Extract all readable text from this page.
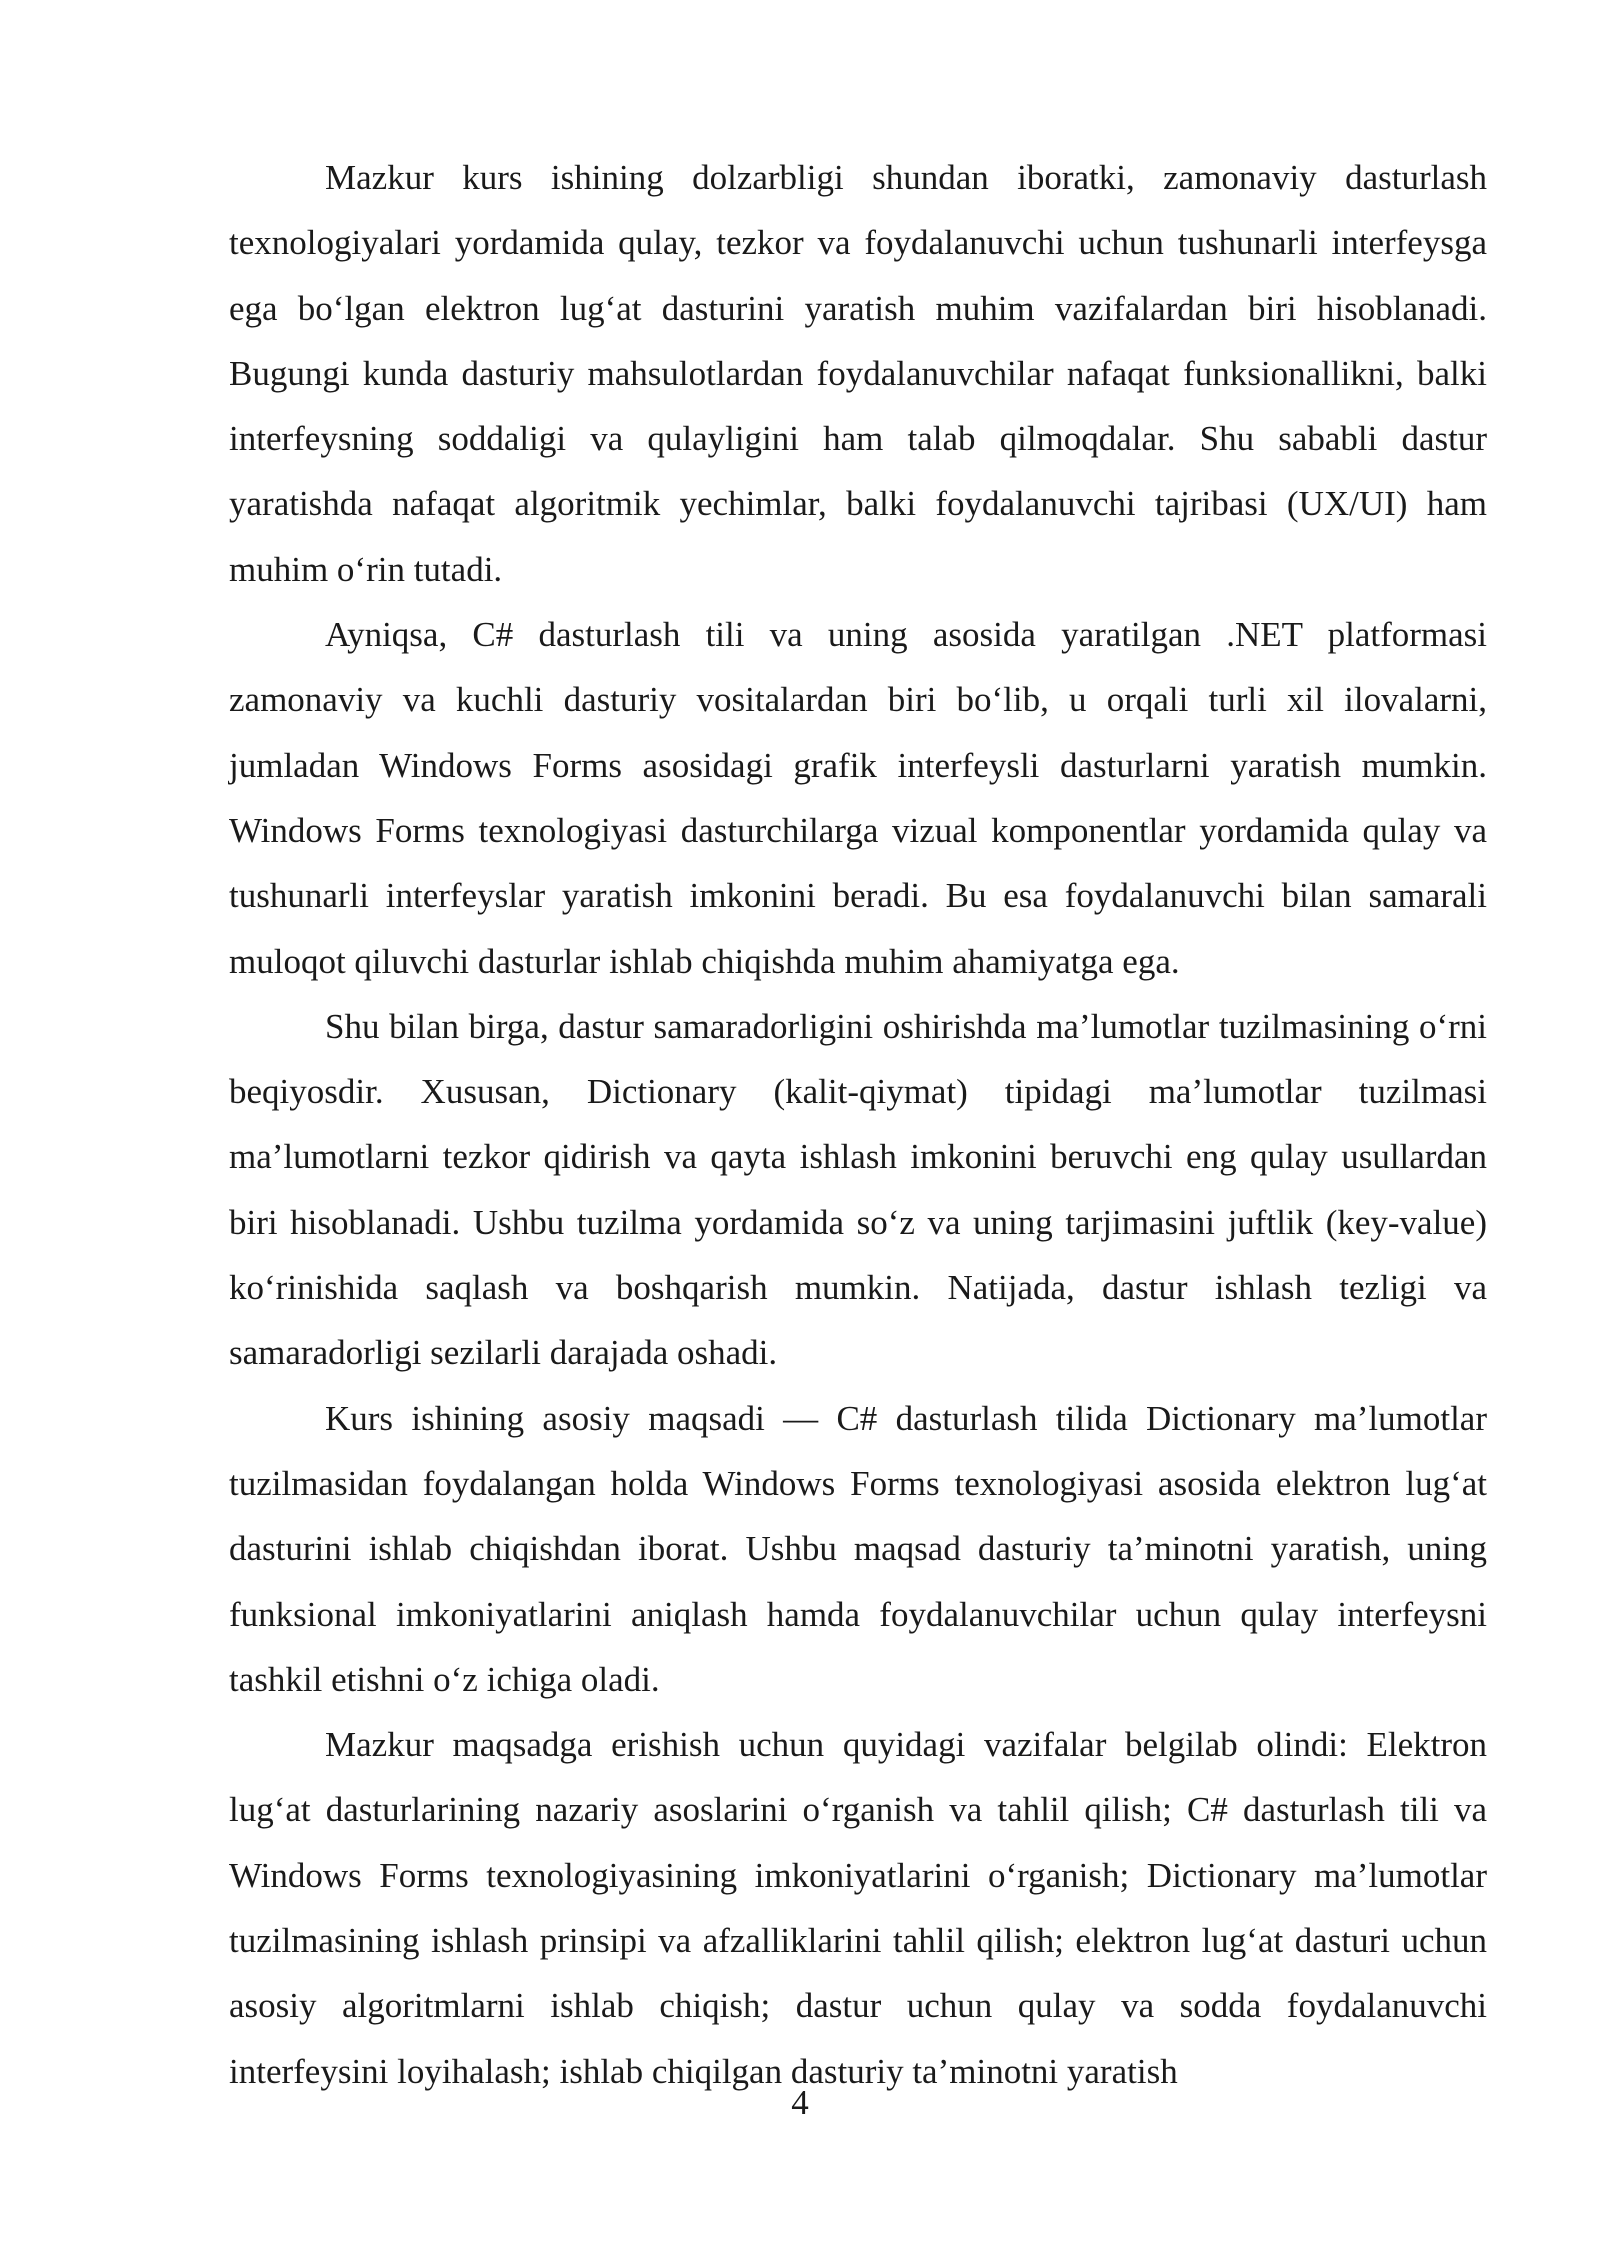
Mazkur kurs ishining dolzarbligi shundan iboratki, zamonaviy dasturlash texnologiyalari yordamida qulay, tezkor va foydalanuvchi uchun tushunarli interfeysga ega bo‘lgan elektron lug‘at dasturini yaratish muhim vazifalardan biri hisoblanadi. Bugungi kunda dasturiy mahsulotlardan foydalanuvchilar nafaqat funksionallikni, balki interfeysning soddaligi va qulayligini ham talab qilmoqdalar. Shu sababli dastur yaratishda nafaqat algoritmik yechimlar, balki foydalanuvchi tajribasi (UX/UI) ham muhim o‘rin tutadi.

Ayniqsa, C# dasturlash tili va uning asosida yaratilgan .NET platformasi zamonaviy va kuchli dasturiy vositalardan biri bo‘lib, u orqali turli xil ilovalarni, jumladan Windows Forms asosidagi grafik interfeysli dasturlarni yaratish mumkin. Windows Forms texnologiyasi dasturchilarga vizual komponentlar yordamida qulay va tushunarli interfeyslar yaratish imkonini beradi. Bu esa foydalanuvchi bilan samarali muloqot qiluvchi dasturlar ishlab chiqishda muhim ahamiyatga ega.

Shu bilan birga, dastur samaradorligini oshirishda ma’lumotlar tuzilmasining o‘rni beqiyosdir. Xususan, Dictionary (kalit-qiymat) tipidagi ma’lumotlar tuzilmasi ma’lumotlarni tezkor qidirish va qayta ishlash imkonini beruvchi eng qulay usullardan biri hisoblanadi. Ushbu tuzilma yordamida so‘z va uning tarjimasini juftlik (key-value) ko‘rinishida saqlash va boshqarish mumkin. Natijada, dastur ishlash tezligi va samaradorligi sezilarli darajada oshadi.

Kurs ishining asosiy maqsadi — C# dasturlash tilida Dictionary ma’lumotlar tuzilmasidan foydalangan holda Windows Forms texnologiyasi asosida elektron lug‘at dasturini ishlab chiqishdan iborat. Ushbu maqsad dasturiy ta’minotni yaratish, uning funksional imkoniyatlarini aniqlash hamda foydalanuvchilar uchun qulay interfeysni tashkil etishni o‘z ichiga oladi.

Mazkur maqsadga erishish uchun quyidagi vazifalar belgilab olindi: Elektron lug‘at dasturlarining nazariy asoslarini o‘rganish va tahlil qilish; C# dasturlash tili va Windows Forms texnologiyasining imkoniyatlarini o‘rganish; Dictionary ma’lumotlar tuzilmasining ishlash prinsipi va afzalliklarini tahlil qilish; elektron lug‘at dasturi uchun asosiy algoritmlarni ishlab chiqish; dastur uchun qulay va sodda foydalanuvchi interfeysini loyihalash; ishlab chiqilgan dasturiy ta’minotni yaratish

4
